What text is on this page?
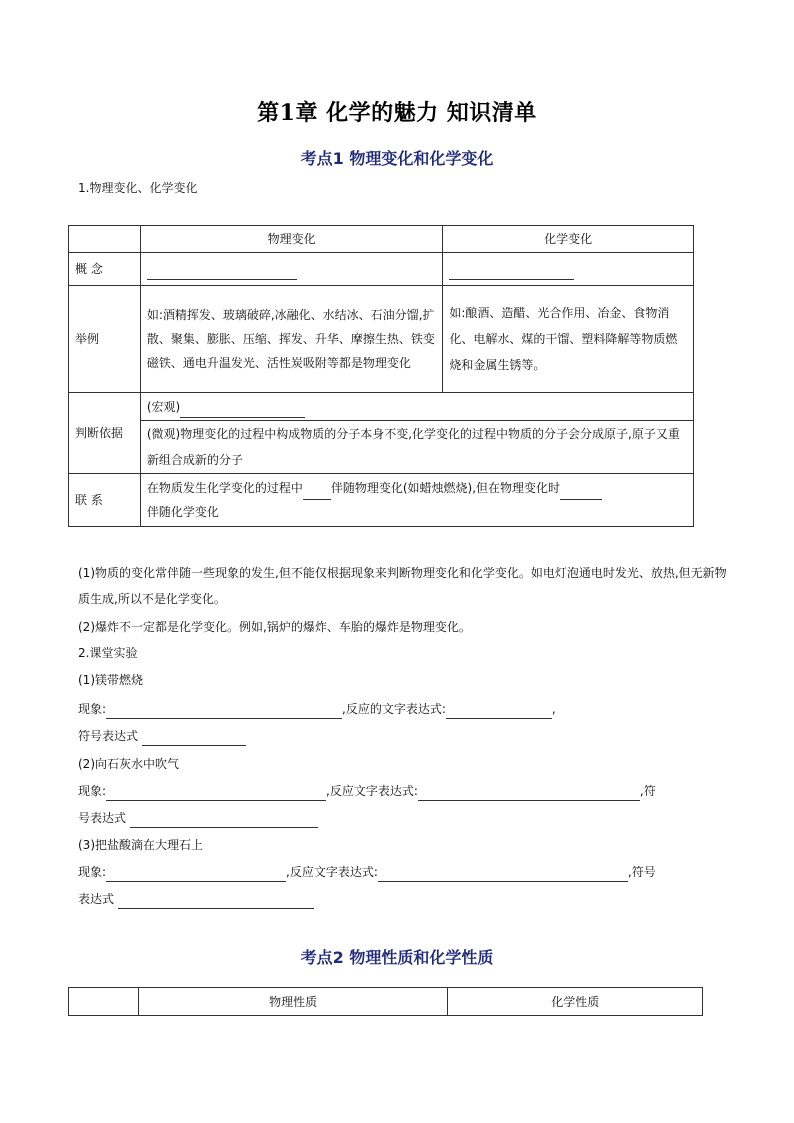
第1章 化学的魅力 知识清单
考点1 物理变化和化学变化
1.物理变化、化学变化
	物理变化	化学变化
概 念		
举例	如:酒精挥发、玻璃破碎,冰融化、水结冰、石油分馏,扩散、聚集、膨胀、压缩、挥发、升华、摩擦生热、铁变磁铁、通电升温发光、活性炭吸附等都是物理变化	如:酿酒、造醋、光合作用、冶金、食物消化、电解水、煤的干馏、塑料降解等物质燃烧和金属生锈等。
判断依据	(宏观)	
	(微观)物理变化的过程中构成物质的分子本身不变,化学变化的过程中物质的分子会分成原子,原子又重新组合成新的分子	
联 系	在物质发生化学变化的过程中 伴随物理变化(如蜡烛燃烧),但在物理变化时
伴随化学变化	
(1)物质的变化常伴随一些现象的发生,但不能仅根据现象来判断物理变化和化学变化。如电灯泡通电时发光、放热,但无新物质生成,所以不是化学变化。
(2)爆炸不一定都是化学变化。例如,锅炉的爆炸、车胎的爆炸是物理变化。
2.课堂实验
(1)镁带燃烧
现象:	,反应的文字表达式:	,
符号表达式
(2)向石灰水中吹气
现象:	,反应文字表达式:	,符
号表达式
(3)把盐酸滴在大理石上
现象:	,反应文字表达式:	,符号
表达式
考点2 物理性质和化学性质
	物理性质	化学性质
